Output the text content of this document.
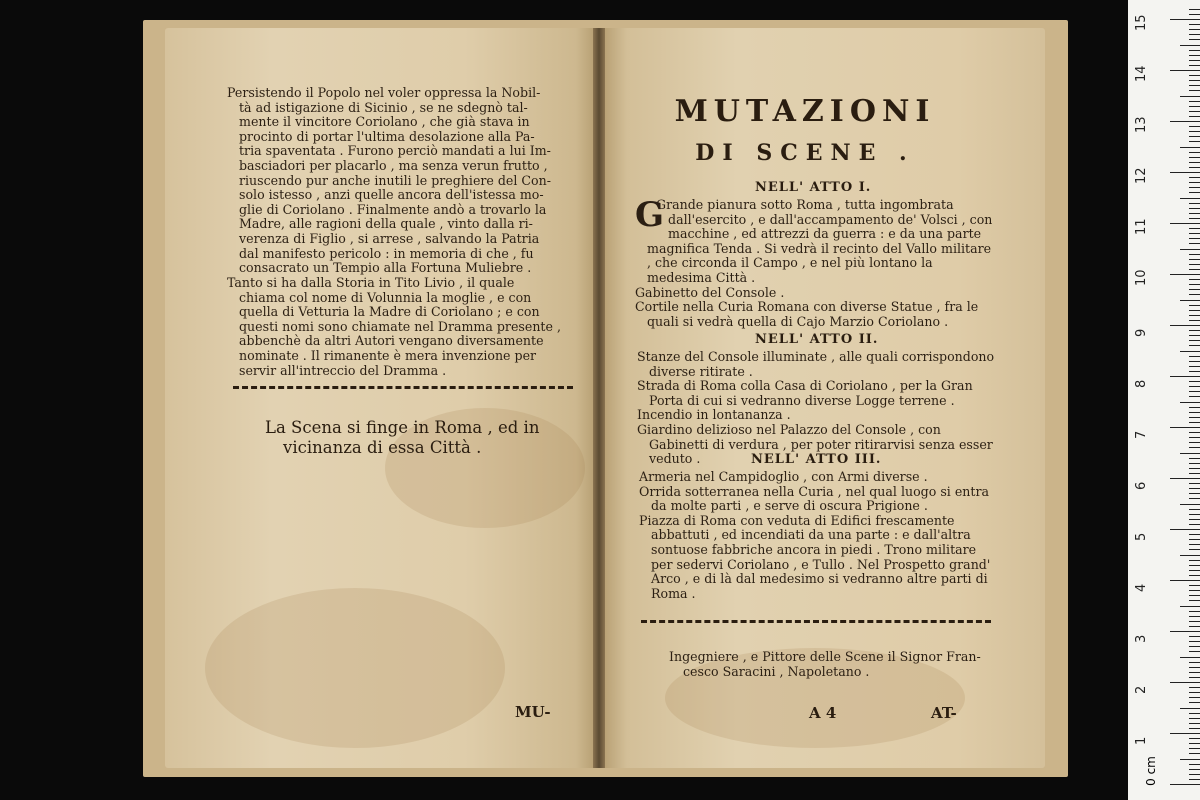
Persistendo il Popolo nel voler oppressa la Nobil-

tà ad istigazione di Sicinio , se ne sdegnò tal-

mente il vincitore Coriolano , che già stava in

procinto di portar l'ultima desolazione alla Pa-

tria spaventata . Furono perciò mandati a lui Im-

basciadori per placarlo , ma senza verun frutto ,

riuscendo pur anche inutili le preghiere del Con-

solo istesso , anzi quelle ancora dell'istessa mo-

glie di Coriolano . Finalmente andò a trovarlo la

Madre, alle ragioni della quale , vinto dalla ri-

verenza di Figlio , si arrese , salvando la Patria

dal manifesto pericolo : in memoria di che , fu

consacrato un Tempio alla Fortuna Muliebre .

Tanto si ha dalla Storia in Tito Livio , il quale

chiama col nome di Volunnia la moglie , e con

quella di Vetturia la Madre di Coriolano ; e con

questi nomi sono chiamate nel Dramma presente ,

abbenchè da altri Autori vengano diversamente

nominate . Il rimanente è mera invenzione per

servir all'intreccio del Dramma .

La Scena si finge in Roma , ed in
vicinanza di essa Città .
MU-
MUTAZIONI
DI SCENE .
NELL' ATTO I.

G
Grande pianura sotto Roma , tutta ingombrata dall'esercito , e dall'accampamento de' Volsci , con macchine , ed attrezzi da guerra : e da una parte magnifica Tenda . Si vedrà il recinto del Vallo militare , che circonda il Campo , e nel più lontano la medesima Città .

Gabinetto del Console .

Cortile nella Curia Romana con diverse Statue , fra le quali si vedrà quella di Cajo Marzio Coriolano .

NELL' ATTO II.

Stanze del Console illuminate , alle quali corrispondono diverse ritirate .

Strada di Roma colla Casa di Coriolano , per la Gran Porta di cui si vedranno diverse Logge terrene .

Incendio in lontananza .

Giardino delizioso nel Palazzo del Console , con Gabinetti di verdura , per poter ritirarvisi senza esser veduto .	NELL' ATTO III.

Armeria nel Campidoglio , con Armi diverse .

Orrida sotterranea nella Curia , nel qual luogo si entra da molte parti , e serve di oscura Prigione .

Piazza di Roma con veduta di Edifici frescamente abbattuti , ed incendiati da una parte : e dall'altra sontuose fabbriche ancora in piedi . Trono militare per sedervi Coriolano , e Tullo . Nel Prospetto grand' Arco , e di là dal medesimo si vedranno altre parti di Roma .

Ingegniere , e Pittore delle Scene il Signor Fran-

cesco Saracini , Napoletano .

A 4	AT-
0 cm
1
2
3
4
5
6
7
8
9
10
11
12
13
14
15
